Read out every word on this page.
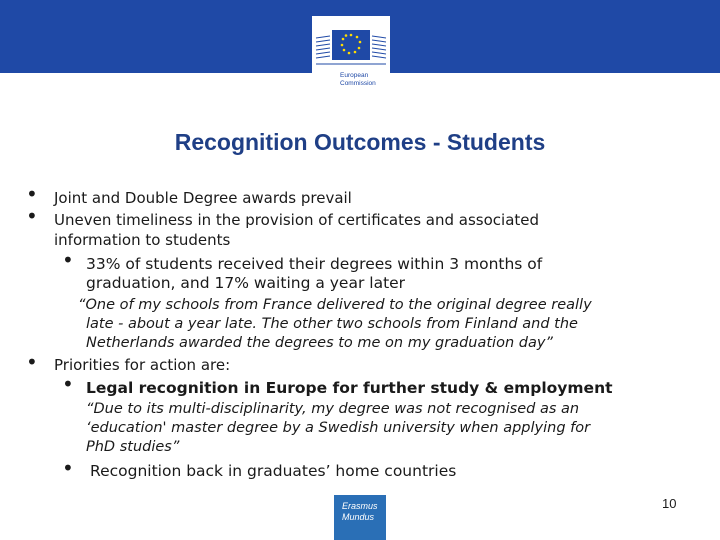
European
Commission
Recognition Outcomes - Students
• Joint and Double Degree awards prevail
• Uneven timeliness in the provision of certificates and associated
information to students
• 33% of students received their degrees within 3 months of
graduation, and 17% waiting a year later
“One of my schools from France delivered to the original degree really
late - about a year late. The other two schools from Finland and the
Netherlands awarded the degrees to me on my graduation day”
• Priorities for action are:
• Legal recognition in Europe for further study & employment
“Due to its multi-disciplinarity, my degree was not recognised as an
‘education' master degree by a Swedish university when applying for
PhD studies”
• Recognition back in graduates’ home countries
10
Erasmus
Mundus
